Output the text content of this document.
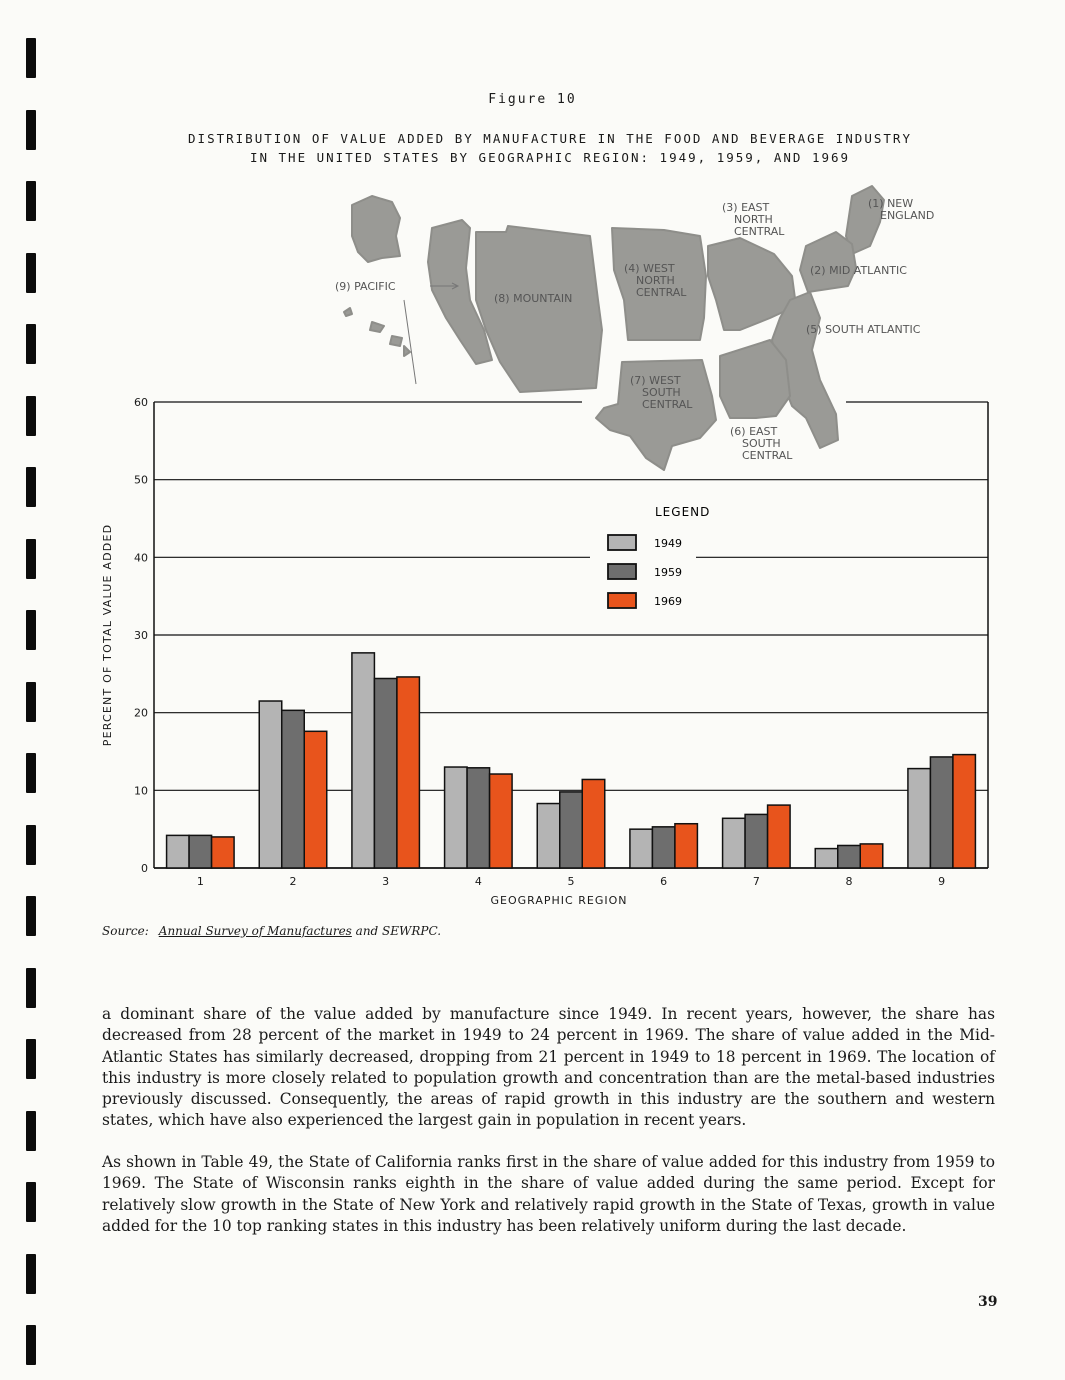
Figure 10
DISTRIBUTION OF VALUE ADDED BY MANUFACTURE IN THE FOOD AND BEVERAGE INDUSTRY
IN THE UNITED STATES BY GEOGRAPHIC REGION: 1949, 1959, AND 1969
(9) PACIFIC
(8) MOUNTAIN
(4) WEST
NORTH
CENTRAL
(3) EAST
NORTH
CENTRAL
(1) NEW
ENGLAND
(2) MID ATLANTIC
(5) SOUTH ATLANTIC
(7) WEST
SOUTH
CENTRAL
(6) EAST
SOUTH
CENTRAL
LEGEND
1949
1959
1969
0
10
20
30
40
50
60
1	2	3	4	5	6	7	8	9
GEOGRAPHIC REGION
PERCENT OF TOTAL VALUE ADDED
Source: Annual Survey of Manufactures and SEWRPC.
a dominant share of the value added by manufacture since 1949. In recent years, however, the share has decreased from 28 percent of the market in 1949 to 24 percent in 1969. The share of value added in the Mid-Atlantic States has similarly decreased, dropping from 21 percent in 1949 to 18 percent in 1969. The location of this industry is more closely related to population growth and concentration than are the metal-based industries previously discussed. Consequently, the areas of rapid growth in this industry are the southern and western states, which have also experienced the largest gain in population in recent years.
As shown in Table 49, the State of California ranks first in the share of value added for this industry from 1959 to 1969. The State of Wisconsin ranks eighth in the share of value added during the same period. Except for relatively slow growth in the State of New York and relatively rapid growth in the State of Texas, growth in value added for the 10 top ranking states in this industry has been relatively uniform during the last decade.
39
